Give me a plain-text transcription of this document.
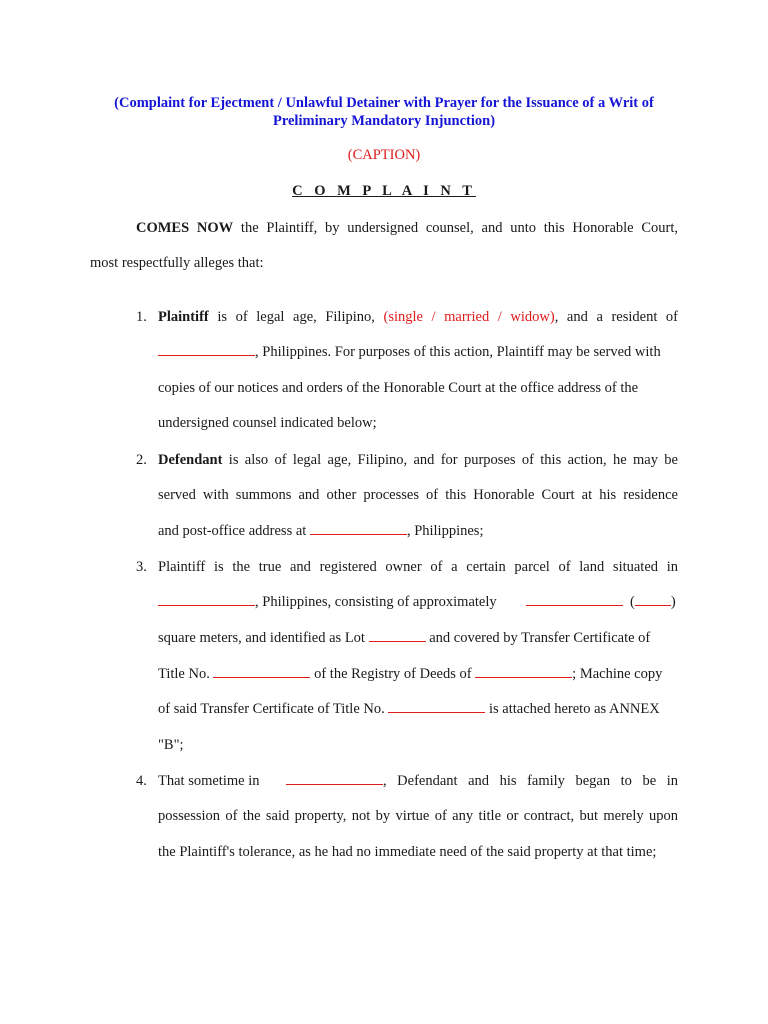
(Complaint for Ejectment / Unlawful Detainer with Prayer for the Issuance of a Writ of
Preliminary Mandatory Injunction)
(CAPTION)
C O M P L A I N T
COMES NOW the Plaintiff, by undersigned counsel, and unto this Honorable Court,
most respectfully alleges that:
1. Plaintiff is of legal age, Filipino, (single / married / widow), and a resident of
, Philippines. For purposes of this action, Plaintiff may be served with
copies of our notices and orders of the Honorable Court at the office address of the
undersigned counsel indicated below;
2. Defendant is also of legal age, Filipino, and for purposes of this action, he may be
served with summons and other processes of this Honorable Court at his residence
and post-office address at	, Philippines;
3. Plaintiff is the true and registered owner of a certain parcel of land situated in
, Philippines, consisting of approximately	( )
square meters, and identified as Lot	and covered by Transfer Certificate of
Title No.	of the Registry of Deeds of	; Machine copy
of said Transfer Certificate of Title No.	is attached hereto as ANNEX
"B";
4. That sometime in	, Defendant and his family began to be in
possession of the said property, not by virtue of any title or contract, but merely upon
the Plaintiff's tolerance, as he had no immediate need of the said property at that time;
